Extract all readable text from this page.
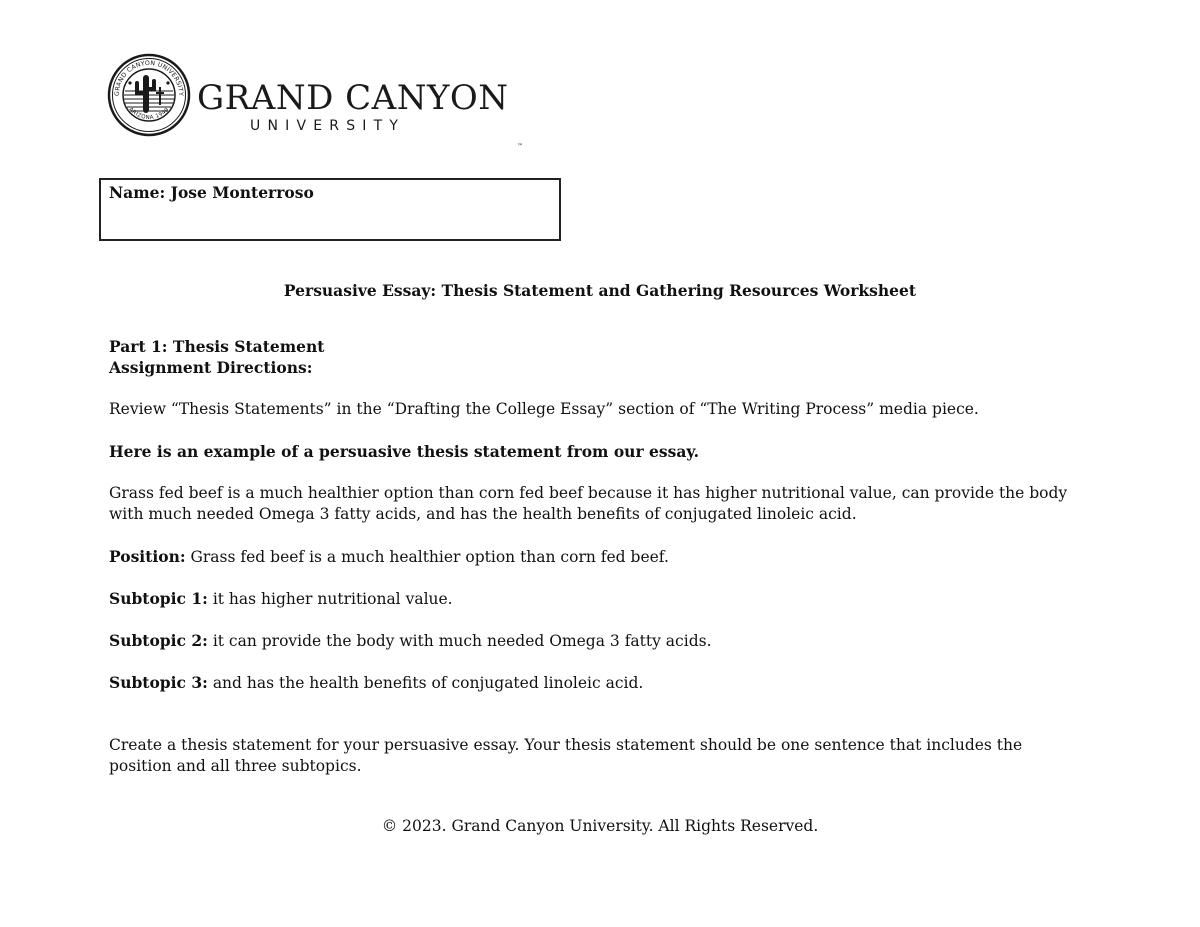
GRAND CANYON UNIVERSITY
ARIZONA 1949 GRAND CANYON
UNIVERSITY
™
Name: Jose Monterroso
Persuasive Essay: Thesis Statement and Gathering Resources Worksheet
Part 1: Thesis Statement
Assignment Directions:
Review “Thesis Statements” in the “Drafting the College Essay” section of “The Writing Process” media piece.
Here is an example of a persuasive thesis statement from our essay.
Grass fed beef is a much healthier option than corn fed beef because it has higher nutritional value, can provide the body with much needed Omega 3 fatty acids, and has the health benefits of conjugated linoleic acid.
Position: Grass fed beef is a much healthier option than corn fed beef.
Subtopic 1: it has higher nutritional value.
Subtopic 2: it can provide the body with much needed Omega 3 fatty acids.
Subtopic 3: and has the health benefits of conjugated linoleic acid.
Create a thesis statement for your persuasive essay. Your thesis statement should be one sentence that includes the position and all three subtopics.
© 2023. Grand Canyon University. All Rights Reserved.
